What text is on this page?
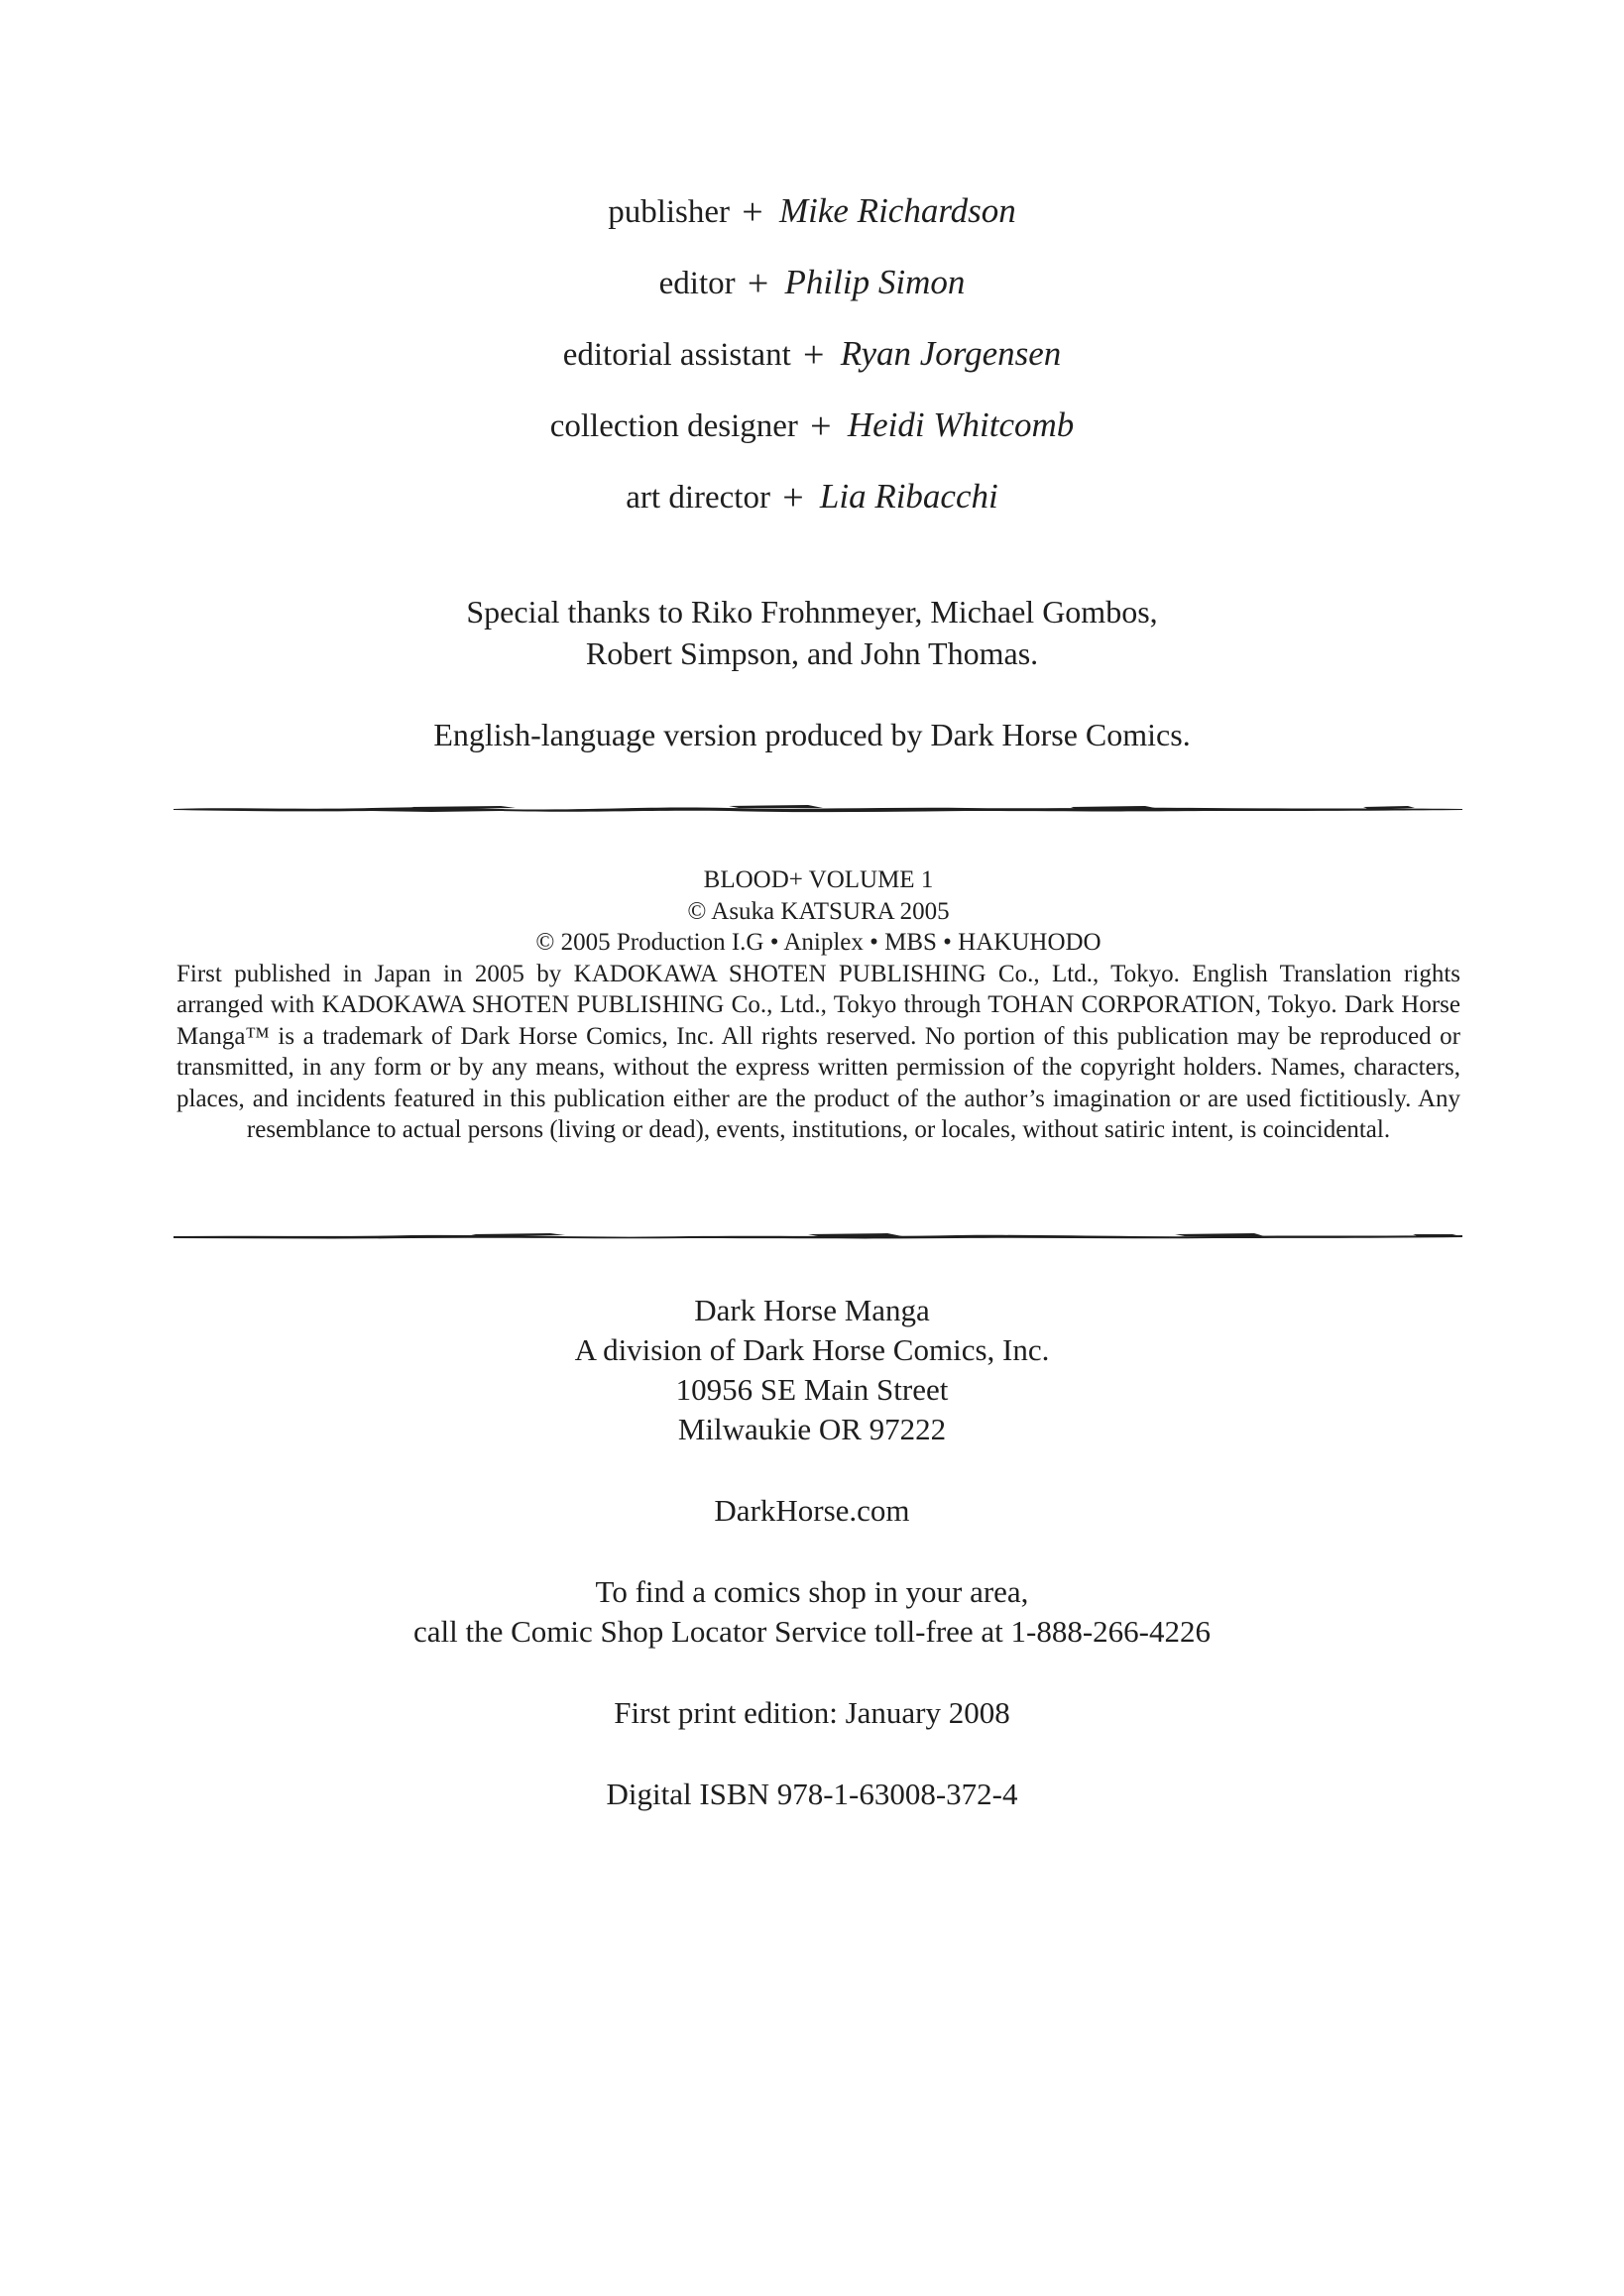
publisher + Mike Richardson
editor + Philip Simon
editorial assistant + Ryan Jorgensen
collection designer + Heidi Whitcomb
art director + Lia Ribacchi
Special thanks to Riko Frohnmeyer, Michael Gombos,
Robert Simpson, and John Thomas.
English-language version produced by Dark Horse Comics.
BLOOD+ VOLUME 1
© Asuka KATSURA 2005
© 2005 Production I.G • Aniplex • MBS • HAKUHODO
First published in Japan in 2005 by KADOKAWA SHOTEN PUBLISHING Co., Ltd., Tokyo. English Translation rights arranged with KADOKAWA SHOTEN PUBLISHING Co., Ltd., Tokyo through TOHAN CORPORATION, Tokyo. Dark Horse Manga™ is a trademark of Dark Horse Comics, Inc. All rights reserved. No portion of this publication may be reproduced or transmitted, in any form or by any means, without the express written permission of the copyright holders. Names, characters, places, and incidents featured in this publication either are the product of the author’s imagination or are used fictitiously. Any resemblance to actual persons (living or dead), events, institutions, or locales, without satiric intent, is coincidental.
Dark Horse Manga
A division of Dark Horse Comics, Inc.
10956 SE Main Street
Milwaukie OR 97222
DarkHorse.com
To find a comics shop in your area,
call the Comic Shop Locator Service toll-free at 1-888-266-4226
First print edition: January 2008
Digital ISBN 978-1-63008-372-4
